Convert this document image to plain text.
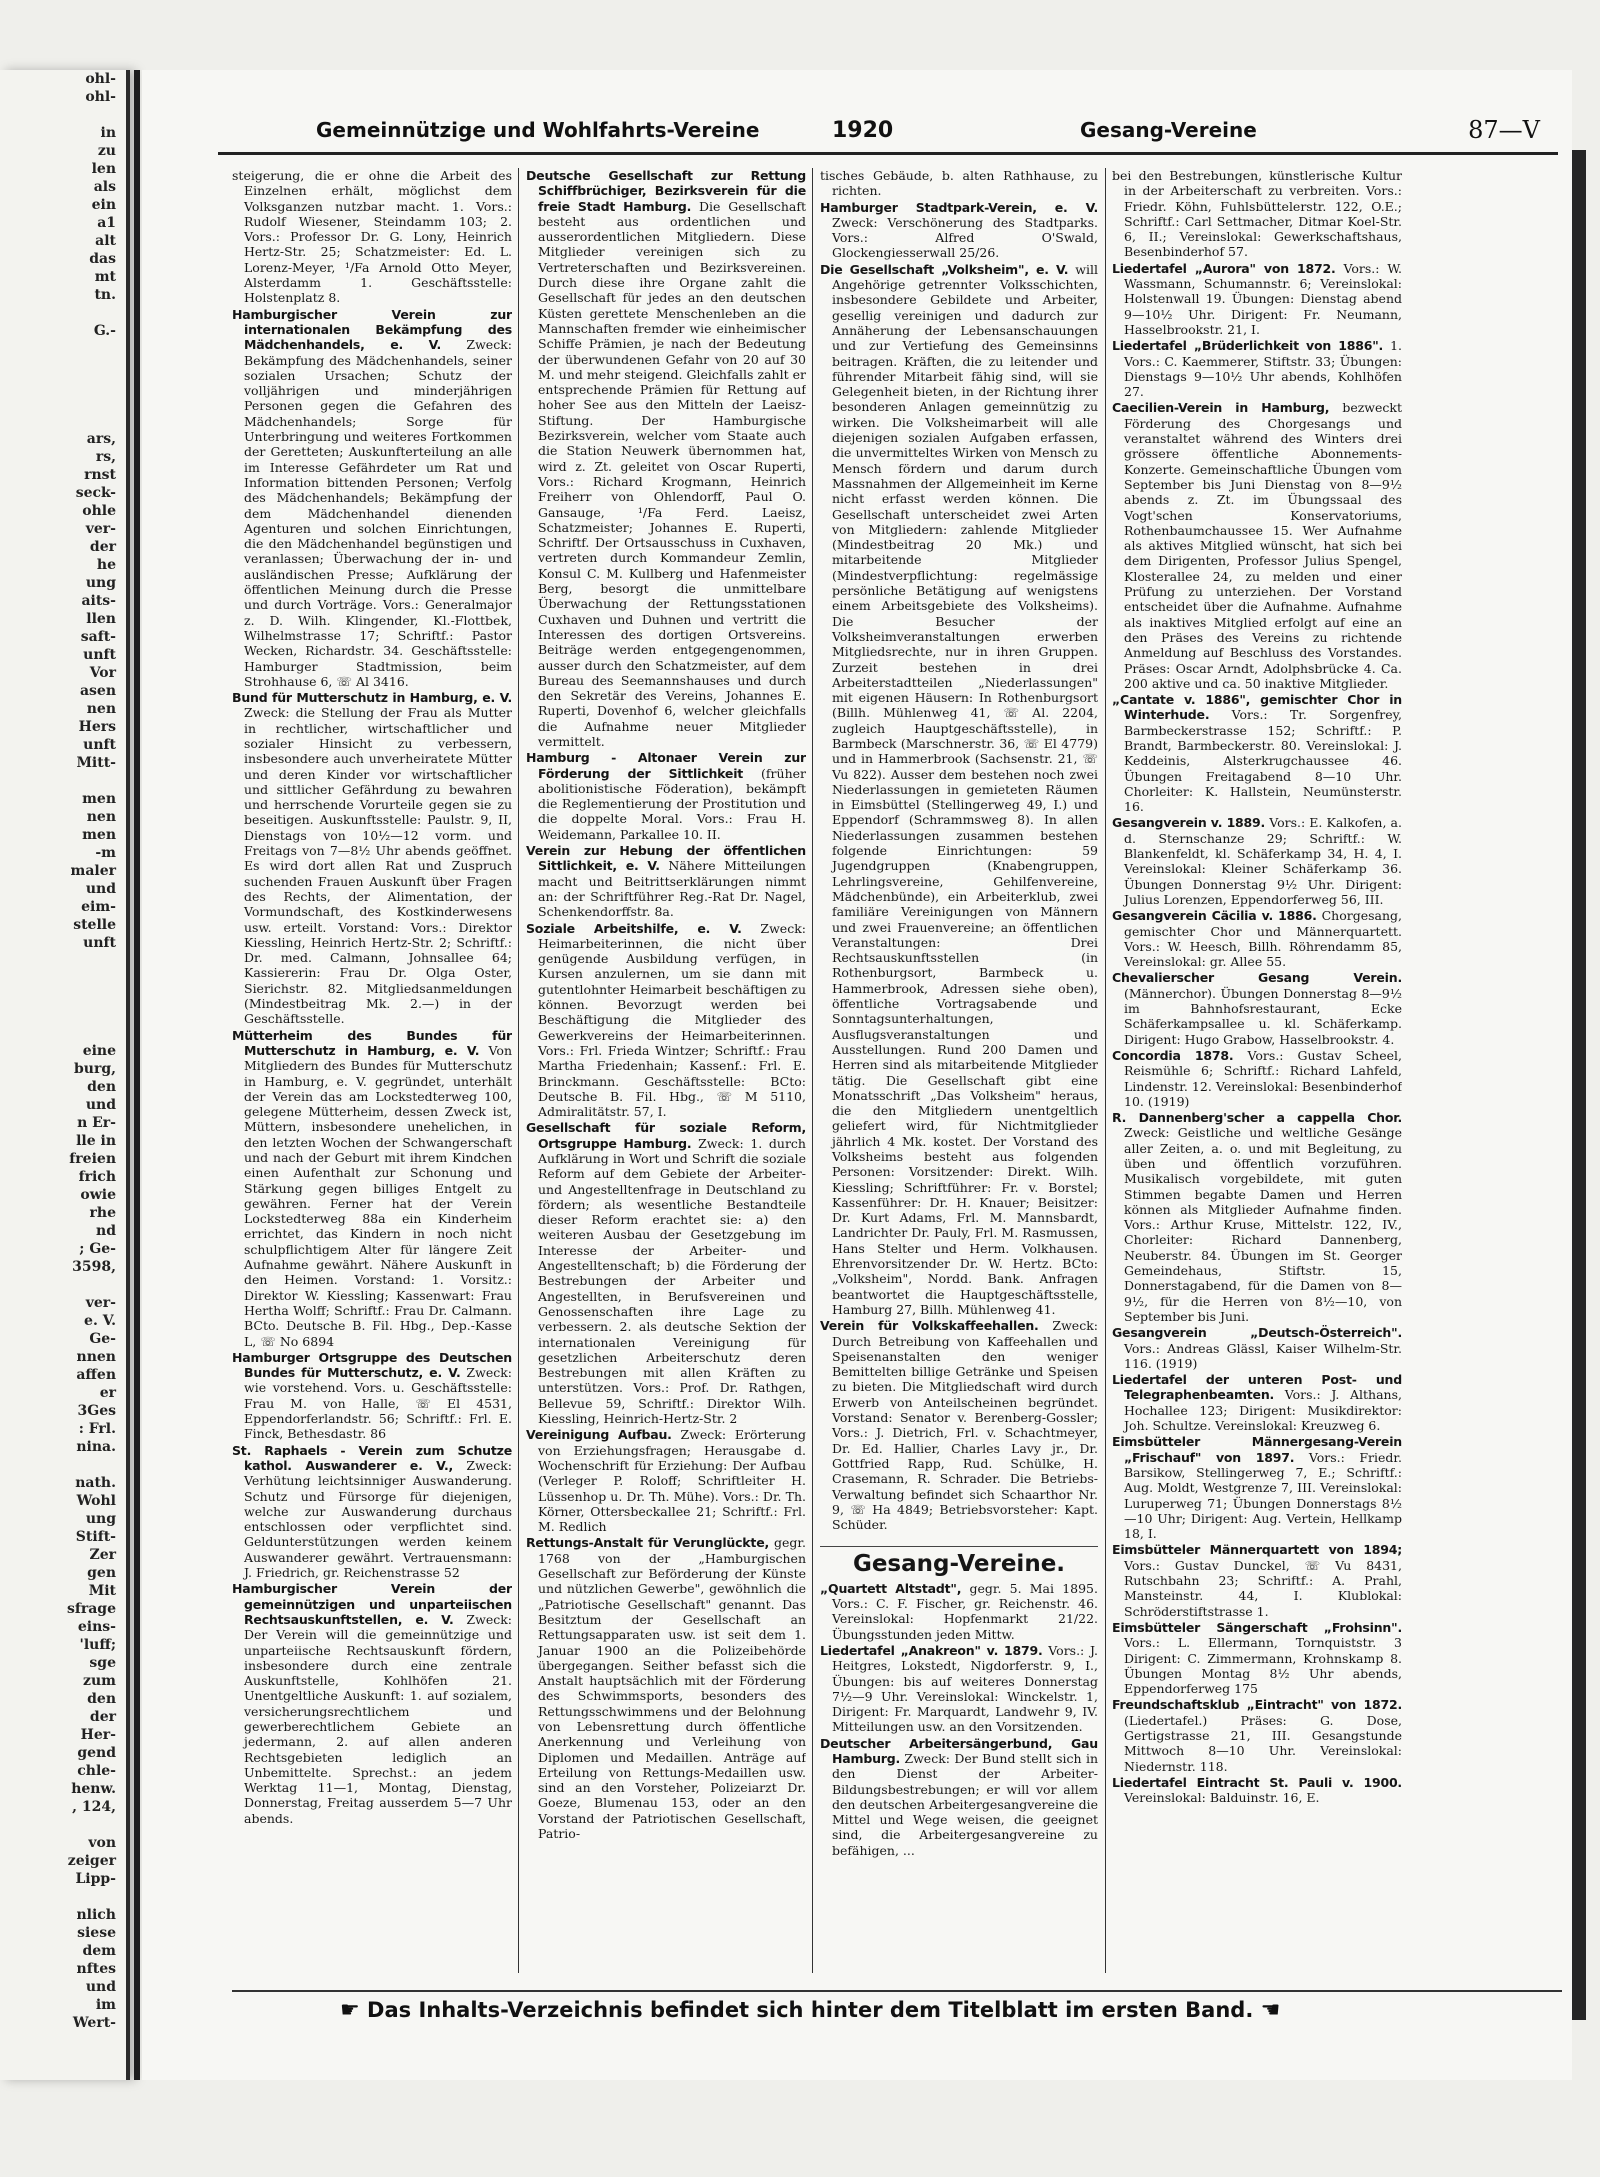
ohl-
ohl-

in
zu
len
als
ein
a1
alt
das
mt
tn.

G.-

ars,
rs,
rnst
seck-
ohle
ver-
der
he
ung
aits-
llen
saft-
unft
Vor
asen
nen
Hers
unft
Mitt-

men
nen
men
-m
maler
und
eim-
stelle
unft

eine
burg,
den
und
n Er-
lle in
freien
frich
owie
rhe
nd
; Ge-
3598,

ver-
e. V.
Ge-
nnen
affen
er
3Ges
: Frl.
nina.

nath.
Wohl
ung
Stift-
Zer
gen
Mit
sfrage
eins-
'luff;
sge
zum
den
der
Her-
gend
chle-
henw.
, 124,

von
zeiger
Lipp-

nlich
siese
dem
nftes
und
im
Wert-
Gemeinnützige und Wohlfahrts-Vereine	1920	Gesang-Vereine	87—V

steigerung, die er ohne die Arbeit des Einzelnen erhält, möglichst dem Volksganzen nutzbar macht. 1. Vors.: Rudolf Wiesener, Steindamm 103; 2. Vors.: Professor Dr. G. Lony, Heinrich Hertz-Str. 25; Schatzmeister: Ed. L. Lorenz-Meyer, ¹/Fa Arnold Otto Meyer, Alsterdamm 1. Geschäftsstelle: Holstenplatz 8.

Hamburgischer Verein zur internationalen Bekämpfung des Mädchenhandels, e. V. Zweck: Bekämpfung des Mädchenhandels, seiner sozialen Ursachen; Schutz der volljährigen und minderjährigen Personen gegen die Gefahren des Mädchenhandels; Sorge für Unterbringung und weiteres Fortkommen der Geretteten; Auskunfterteilung an alle im Interesse Gefährdeter um Rat und Information bittenden Personen; Verfolg des Mädchenhandels; Bekämpfung der dem Mädchenhandel dienenden Agenturen und solchen Einrichtungen, die den Mädchenhandel begünstigen und veranlassen; Überwachung der in- und ausländischen Presse; Aufklärung der öffentlichen Meinung durch die Presse und durch Vorträge. Vors.: Generalmajor z. D. Wilh. Klingender, Kl.-Flottbek, Wilhelmstrasse 17; Schriftf.: Pastor Wecken, Richardstr. 34. Geschäftsstelle: Hamburger Stadtmission, beim Strohhause 6, ☏ Al 3416.

Bund für Mutterschutz in Hamburg, e. V. Zweck: die Stellung der Frau als Mutter in rechtlicher, wirtschaftlicher und sozialer Hinsicht zu verbessern, insbesondere auch unverheiratete Mütter und deren Kinder vor wirtschaftlicher und sittlicher Gefährdung zu bewahren und herrschende Vorurteile gegen sie zu beseitigen. Auskunftsstelle: Paulstr. 9, II, Dienstags von 10½—12 vorm. und Freitags von 7—8½ Uhr abends geöffnet. Es wird dort allen Rat und Zuspruch suchenden Frauen Auskunft über Fragen des Rechts, der Alimentation, der Vormundschaft, des Kostkinderwesens usw. erteilt. Vorstand: Vors.: Direktor Kiessling, Heinrich Hertz-Str. 2; Schriftf.: Dr. med. Calmann, Johnsallee 64; Kassiererin: Frau Dr. Olga Oster, Sierichstr. 82. Mitgliedsanmeldungen (Mindestbeitrag Mk. 2.—) in der Geschäftsstelle.

Mütterheim des Bundes für Mutterschutz in Hamburg, e. V. Von Mitgliedern des Bundes für Mutterschutz in Hamburg, e. V. gegründet, unterhält der Verein das am Lockstedterweg 100, gelegene Mütterheim, dessen Zweck ist, Müttern, insbesondere unehelichen, in den letzten Wochen der Schwangerschaft und nach der Geburt mit ihrem Kindchen einen Aufenthalt zur Schonung und Stärkung gegen billiges Entgelt zu gewähren. Ferner hat der Verein Lockstedterweg 88a ein Kinderheim errichtet, das Kindern in noch nicht schulpflichtigem Alter für längere Zeit Aufnahme gewährt. Nähere Auskunft in den Heimen. Vorstand: 1. Vorsitz.: Direktor W. Kiessling; Kassenwart: Frau Hertha Wolff; Schriftf.: Frau Dr. Calmann. BCto. Deutsche B. Fil. Hbg., Dep.-Kasse L, ☏ No 6894

Hamburger Ortsgruppe des Deutschen Bundes für Mutterschutz, e. V. Zweck: wie vorstehend. Vors. u. Geschäftsstelle: Frau M. von Halle, ☏ El 4531, Eppendorferlandstr. 56; Schriftf.: Frl. E. Finck, Bethesdastr. 86

St. Raphaels - Verein zum Schutze kathol. Auswanderer e. V., Zweck: Verhütung leichtsinniger Auswanderung. Schutz und Fürsorge für diejenigen, welche zur Auswanderung durchaus entschlossen oder verpflichtet sind. Geldunterstützungen werden keinem Auswanderer gewährt. Vertrauensmann: J. Friedrich, gr. Reichenstrasse 52

Hamburgischer Verein der gemeinnützigen und unparteiischen Rechtsauskunftstellen, e. V. Zweck: Der Verein will die gemeinnützige und unparteiische Rechtsauskunft fördern, insbesondere durch eine zentrale Auskunftstelle, Kohlhöfen 21. Unentgeltliche Auskunft: 1. auf sozialem, versicherungsrechtlichem und gewerberechtlichem Gebiete an jedermann, 2. auf allen anderen Rechtsgebieten lediglich an Unbemittelte. Sprechst.: an jedem Werktag 11—1, Montag, Dienstag, Donnerstag, Freitag ausserdem 5—7 Uhr abends.

Deutsche Gesellschaft zur Rettung Schiffbrüchiger, Bezirksverein für die freie Stadt Hamburg. Die Gesellschaft besteht aus ordentlichen und ausserordentlichen Mitgliedern. Diese Mitglieder vereinigen sich zu Vertreterschaften und Bezirksvereinen. Durch diese ihre Organe zahlt die Gesellschaft für jedes an den deutschen Küsten gerettete Menschenleben an die Mannschaften fremder wie einheimischer Schiffe Prämien, je nach der Bedeutung der überwundenen Gefahr von 20 auf 30 M. und mehr steigend. Gleichfalls zahlt er entsprechende Prämien für Rettung auf hoher See aus den Mitteln der Laeisz-Stiftung. Der Hamburgische Bezirksverein, welcher vom Staate auch die Station Neuwerk übernommen hat, wird z. Zt. geleitet von Oscar Ruperti, Vors.: Richard Krogmann, Heinrich Freiherr von Ohlendorff, Paul O. Gansauge, ¹/Fa Ferd. Laeisz, Schatzmeister; Johannes E. Ruperti, Schriftf. Der Ortsausschuss in Cuxhaven, vertreten durch Kommandeur Zemlin, Konsul C. M. Kullberg und Hafenmeister Berg, besorgt die unmittelbare Überwachung der Rettungsstationen Cuxhaven und Duhnen und vertritt die Interessen des dortigen Ortsvereins. Beiträge werden entgegengenommen, ausser durch den Schatzmeister, auf dem Bureau des Seemannshauses und durch den Sekretär des Vereins, Johannes E. Ruperti, Dovenhof 6, welcher gleichfalls die Aufnahme neuer Mitglieder vermittelt.

Hamburg - Altonaer Verein zur Förderung der Sittlichkeit (früher abolitionistische Föderation), bekämpft die Reglementierung der Prostitution und die doppelte Moral. Vors.: Frau H. Weidemann, Parkallee 10. II.

Verein zur Hebung der öffentlichen Sittlichkeit, e. V. Nähere Mitteilungen macht und Beitrittserklärungen nimmt an: der Schriftführer Reg.-Rat Dr. Nagel, Schenkendorffstr. 8a.

Soziale Arbeitshilfe, e. V. Zweck: Heimarbeiterinnen, die nicht über genügende Ausbildung verfügen, in Kursen anzulernen, um sie dann mit gutentlohnter Heimarbeit beschäftigen zu können. Bevorzugt werden bei Beschäftigung die Mitglieder des Gewerkvereins der Heimarbeiterinnen. Vors.: Frl. Frieda Wintzer; Schriftf.: Frau Martha Friedenhain; Kassenf.: Frl. E. Brinckmann. Geschäftsstelle: BCto: Deutsche B. Fil. Hbg., ☏ M 5110, Admiralitätstr. 57, I.

Gesellschaft für soziale Reform, Ortsgruppe Hamburg. Zweck: 1. durch Aufklärung in Wort und Schrift die soziale Reform auf dem Gebiete der Arbeiter- und Angestelltenfrage in Deutschland zu fördern; als wesentliche Bestandteile dieser Reform erachtet sie: a) den weiteren Ausbau der Gesetzgebung im Interesse der Arbeiter- und Angestelltenschaft; b) die Förderung der Bestrebungen der Arbeiter und Angestellten, in Berufsvereinen und Genossenschaften ihre Lage zu verbessern. 2. als deutsche Sektion der internationalen Vereinigung für gesetzlichen Arbeiterschutz deren Bestrebungen mit allen Kräften zu unterstützen. Vors.: Prof. Dr. Rathgen, Bellevue 59, Schriftf.: Direktor Wilh. Kiessling, Heinrich-Hertz-Str. 2

Vereinigung Aufbau. Zweck: Erörterung von Erziehungsfragen; Herausgabe d. Wochenschrift für Erziehung: Der Aufbau (Verleger P. Roloff; Schriftleiter H. Lüssenhop u. Dr. Th. Mühe). Vors.: Dr. Th. Körner, Ottersbeckallee 21; Schriftf.: Frl. M. Redlich

Rettungs-Anstalt für Verunglückte, gegr. 1768 von der „Hamburgischen Gesellschaft zur Beförderung der Künste und nützlichen Gewerbe", gewöhnlich die „Patriotische Gesellschaft" genannt. Das Besitztum der Gesellschaft an Rettungsapparaten usw. ist seit dem 1. Januar 1900 an die Polizeibehörde übergegangen. Seither befasst sich die Anstalt hauptsächlich mit der Förderung des Schwimmsports, besonders des Rettungsschwimmens und der Belohnung von Lebensrettung durch öffentliche Anerkennung und Verleihung von Diplomen und Medaillen. Anträge auf Erteilung von Rettungs-Medaillen usw. sind an den Vorsteher, Polizeiarzt Dr. Goeze, Blumenau 153, oder an den Vorstand der Patriotischen Gesellschaft, Patrio-

tisches Gebäude, b. alten Rathhause, zu richten.

Hamburger Stadtpark-Verein, e. V. Zweck: Verschönerung des Stadtparks. Vors.: Alfred O'Swald, Glockengiesserwall 25/26.

Die Gesellschaft „Volksheim", e. V. will Angehörige getrennter Volksschichten, insbesondere Gebildete und Arbeiter, gesellig vereinigen und dadurch zur Annäherung der Lebensanschauungen und zur Vertiefung des Gemeinsinns beitragen. Kräften, die zu leitender und führender Mitarbeit fähig sind, will sie Gelegenheit bieten, in der Richtung ihrer besonderen Anlagen gemeinnützig zu wirken. Die Volksheimarbeit will alle diejenigen sozialen Aufgaben erfassen, die unvermitteltes Wirken von Mensch zu Mensch fördern und darum durch Massnahmen der Allgemeinheit im Kerne nicht erfasst werden können. Die Gesellschaft unterscheidet zwei Arten von Mitgliedern: zahlende Mitglieder (Mindestbeitrag 20 Mk.) und mitarbeitende Mitglieder (Mindestverpflichtung: regelmässige persönliche Betätigung auf wenigstens einem Arbeitsgebiete des Volksheims). Die Besucher der Volksheimveranstaltungen erwerben Mitgliedsrechte, nur in ihren Gruppen. Zurzeit bestehen in drei Arbeiterstadtteilen „Niederlassungen" mit eigenen Häusern: In Rothenburgsort (Billh. Mühlenweg 41, ☏ Al. 2204, zugleich Hauptgeschäftsstelle), in Barmbeck (Marschnerstr. 36, ☏ El 4779) und in Hammerbrook (Sachsenstr. 21, ☏ Vu 822). Ausser dem bestehen noch zwei Niederlassungen in gemieteten Räumen in Eimsbüttel (Stellingerweg 49, I.) und Eppendorf (Schrammsweg 8). In allen Niederlassungen zusammen bestehen folgende Einrichtungen: 59 Jugendgruppen (Knabengruppen, Lehrlingsvereine, Gehilfenvereine, Mädchenbünde), ein Arbeiterklub, zwei familiäre Vereinigungen von Männern und zwei Frauenvereine; an öffentlichen Veranstaltungen: Drei Rechtsauskunftsstellen (in Rothenburgsort, Barmbeck u. Hammerbrook, Adressen siehe oben), öffentliche Vortragsabende und Sonntagsunterhaltungen, Ausflugsveranstaltungen und Ausstellungen. Rund 200 Damen und Herren sind als mitarbeitende Mitglieder tätig. Die Gesellschaft gibt eine Monatsschrift „Das Volksheim" heraus, die den Mitgliedern unentgeltlich geliefert wird, für Nichtmitglieder jährlich 4 Mk. kostet. Der Vorstand des Volksheims besteht aus folgenden Personen: Vorsitzender: Direkt. Wilh. Kiessling; Schriftführer: Fr. v. Borstel; Kassenführer: Dr. H. Knauer; Beisitzer: Dr. Kurt Adams, Frl. M. Mannsbardt, Landrichter Dr. Pauly, Frl. M. Rasmussen, Hans Stelter und Herm. Volkhausen. Ehrenvorsitzender Dr. W. Hertz. BCto: „Volksheim", Nordd. Bank. Anfragen beantwortet die Hauptgeschäftsstelle, Hamburg 27, Billh. Mühlenweg 41.

Verein für Volkskaffeehallen. Zweck: Durch Betreibung von Kaffeehallen und Speisenanstalten den weniger Bemittelten billige Getränke und Speisen zu bieten. Die Mitgliedschaft wird durch Erwerb von Anteilscheinen begründet. Vorstand: Senator v. Berenberg-Gossler; Vors.: J. Dietrich, Frl. v. Schachtmeyer, Dr. Ed. Hallier, Charles Lavy jr., Dr. Gottfried Rapp, Rud. Schülke, H. Crasemann, R. Schrader. Die Betriebs-Verwaltung befindet sich Schaarthor Nr. 9, ☏ Ha 4849; Betriebsvorsteher: Kapt. Schüder.

Gesang-Vereine.

„Quartett Altstadt", gegr. 5. Mai 1895. Vors.: C. F. Fischer, gr. Reichenstr. 46. Vereinslokal: Hopfenmarkt 21/22. Übungsstunden jeden Mittw.

Liedertafel „Anakreon" v. 1879. Vors.: J. Heitgres, Lokstedt, Nigdorferstr. 9, I., Übungen: bis auf weiteres Donnerstag 7½—9 Uhr. Vereinslokal: Winckelstr. 1, Dirigent: Fr. Marquardt, Landwehr 9, IV. Mitteilungen usw. an den Vorsitzenden.

Deutscher Arbeitersängerbund, Gau Hamburg. Zweck: Der Bund stellt sich in den Dienst der Arbeiter-Bildungsbestrebungen; er will vor allem den deutschen Arbeitergesangvereine die Mittel und Wege weisen, die geeignet sind, die Arbeitergesangvereine zu befähigen, ...

bei den Bestrebungen, künstlerische Kultur in der Arbeiterschaft zu verbreiten. Vors.: Friedr. Köhn, Fuhlsbüttelerstr. 122, O.E.; Schriftf.: Carl Settmacher, Ditmar Koel-Str. 6, II.; Vereinslokal: Gewerkschaftshaus, Besenbinderhof 57.

Liedertafel „Aurora" von 1872. Vors.: W. Wassmann, Schumannstr. 6; Vereinslokal: Holstenwall 19. Übungen: Dienstag abend 9—10½ Uhr. Dirigent: Fr. Neumann, Hasselbrookstr. 21, I.

Liedertafel „Brüderlichkeit von 1886". 1. Vors.: C. Kaemmerer, Stiftstr. 33; Übungen: Dienstags 9—10½ Uhr abends, Kohlhöfen 27.

Caecilien-Verein in Hamburg, bezweckt Förderung des Chorgesangs und veranstaltet während des Winters drei grössere öffentliche Abonnements-Konzerte. Gemeinschaftliche Übungen vom September bis Juni Dienstag von 8—9½ abends z. Zt. im Übungssaal des Vogt'schen Konservatoriums, Rothenbaumchaussee 15. Wer Aufnahme als aktives Mitglied wünscht, hat sich bei dem Dirigenten, Professor Julius Spengel, Klosterallee 24, zu melden und einer Prüfung zu unterziehen. Der Vorstand entscheidet über die Aufnahme. Aufnahme als inaktives Mitglied erfolgt auf eine an den Präses des Vereins zu richtende Anmeldung auf Beschluss des Vorstandes. Präses: Oscar Arndt, Adolphsbrücke 4. Ca. 200 aktive und ca. 50 inaktive Mitglieder.

„Cantate v. 1886", gemischter Chor in Winterhude. Vors.: Tr. Sorgenfrey, Barmbeckerstrasse 152; Schriftf.: P. Brandt, Barmbeckerstr. 80. Vereinslokal: J. Keddeinis, Alsterkrugchaussee 46. Übungen Freitagabend 8—10 Uhr. Chorleiter: K. Hallstein, Neumünsterstr. 16.

Gesangverein v. 1889. Vors.: E. Kalkofen, a. d. Sternschanze 29; Schriftf.: W. Blankenfeldt, kl. Schäferkamp 34, H. 4, I. Vereinslokal: Kleiner Schäferkamp 36. Übungen Donnerstag 9½ Uhr. Dirigent: Julius Lorenzen, Eppendorferweg 56, III.

Gesangverein Cäcilia v. 1886. Chorgesang, gemischter Chor und Männerquartett. Vors.: W. Heesch, Billh. Röhrendamm 85, Vereinslokal: gr. Allee 55.

Chevalierscher Gesang Verein. (Männerchor). Übungen Donnerstag 8—9½ im Bahnhofsrestaurant, Ecke Schäferkampsallee u. kl. Schäferkamp. Dirigent: Hugo Grabow, Hasselbrookstr. 4.

Concordia 1878. Vors.: Gustav Scheel, Reismühle 6; Schriftf.: Richard Lahfeld, Lindenstr. 12. Vereinslokal: Besenbinderhof 10. (1919)

R. Dannenberg'scher a cappella Chor. Zweck: Geistliche und weltliche Gesänge aller Zeiten, a. o. und mit Begleitung, zu üben und öffentlich vorzuführen. Musikalisch vorgebildete, mit guten Stimmen begabte Damen und Herren können als Mitglieder Aufnahme finden. Vors.: Arthur Kruse, Mittelstr. 122, IV., Chorleiter: Richard Dannenberg, Neuberstr. 84. Übungen im St. Georger Gemeindehaus, Stiftstr. 15, Donnerstagabend, für die Damen von 8—9½, für die Herren von 8½—10, von September bis Juni.

Gesangverein „Deutsch-Österreich". Vors.: Andreas Glässl, Kaiser Wilhelm-Str. 116. (1919)

Liedertafel der unteren Post- und Telegraphenbeamten. Vors.: J. Althans, Hochallee 123; Dirigent: Musikdirektor: Joh. Schultze. Vereinslokal: Kreuzweg 6.

Eimsbütteler Männergesang-Verein „Frischauf" von 1897. Vors.: Friedr. Barsikow, Stellingerweg 7, E.; Schriftf.: Aug. Moldt, Westgrenze 7, III. Vereinslokal: Luruperweg 71; Übungen Donnerstags 8½—10 Uhr; Dirigent: Aug. Vertein, Hellkamp 18, I.

Eimsbütteler Männerquartett von 1894; Vors.: Gustav Dunckel, ☏ Vu 8431, Rutschbahn 23; Schriftf.: A. Prahl, Mansteinstr. 44, I. Klublokal: Schröderstiftstrasse 1.

Eimsbütteler Sängerschaft „Frohsinn". Vors.: L. Ellermann, Tornquiststr. 3 Dirigent: C. Zimmermann, Krohnskamp 8. Übungen Montag 8½ Uhr abends, Eppendorferweg 175

Freundschaftsklub „Eintracht" von 1872. (Liedertafel.) Präses: G. Dose, Gertigstrasse 21, III. Gesangstunde Mittwoch 8—10 Uhr. Vereinslokal: Niedernstr. 118.

Liedertafel Eintracht St. Pauli v. 1900. Vereinslokal: Balduinstr. 16, E.

☛ Das Inhalts-Verzeichnis befindet sich hinter dem Titelblatt im ersten Band. ☚
